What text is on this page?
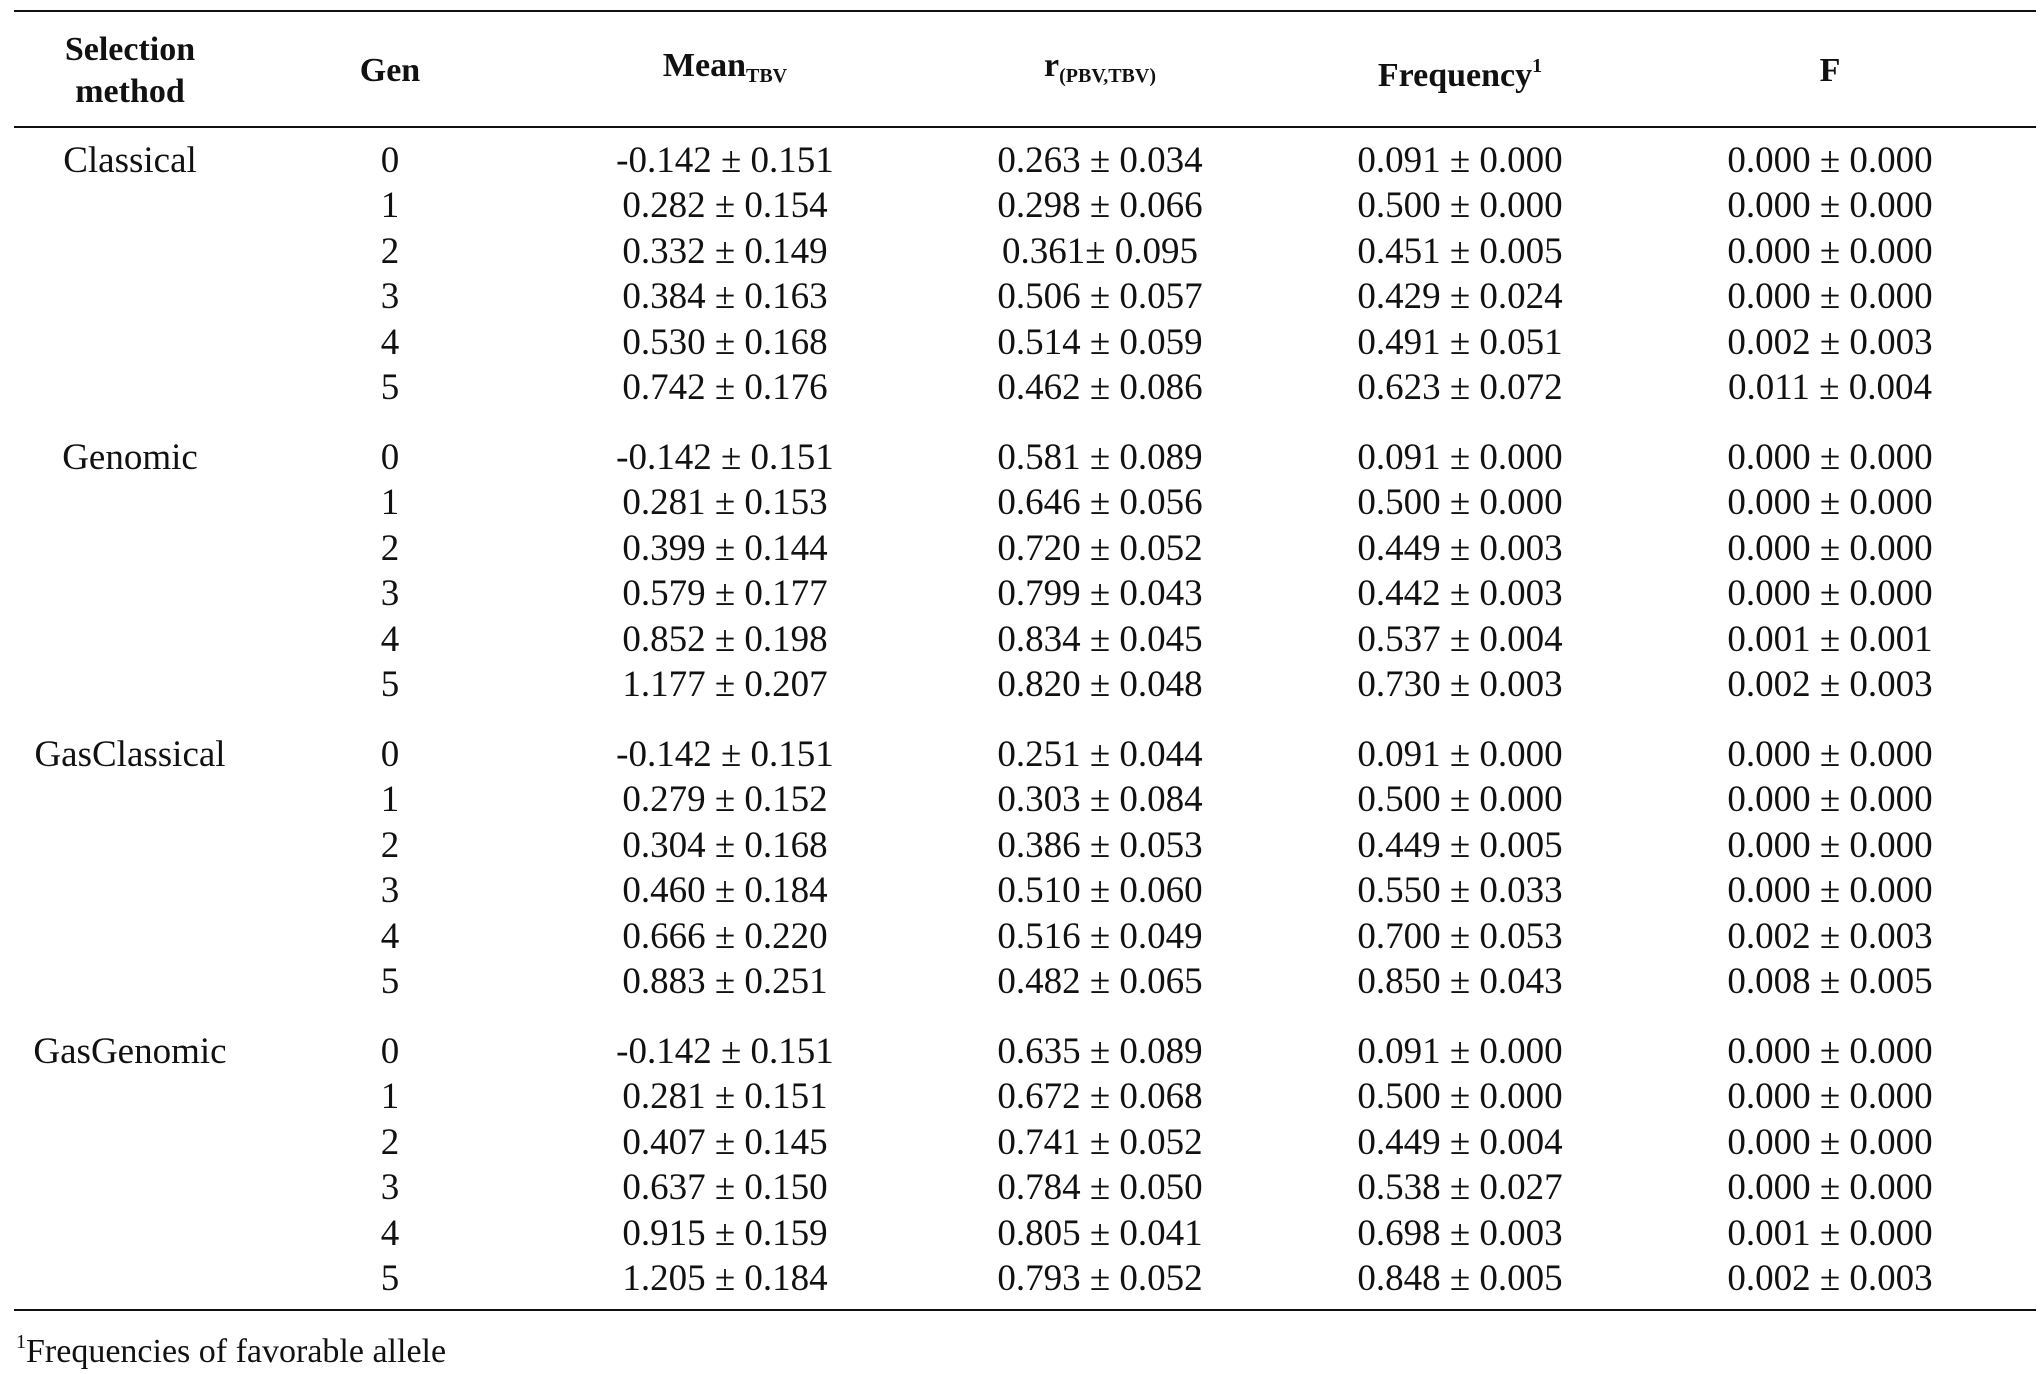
Selection
method
Gen	Mean$_{TBV}$	$r_{(PBV,TBV)}$	Frequency$^1$	F
Classical	0	-0.142 ± 0.151	0.263 ± 0.034	0.091 ± 0.000	0.000 ± 0.000
1	0.282 ± 0.154	0.298 ± 0.066	0.500 ± 0.000	0.000 ± 0.000
2	0.332 ± 0.149	0.361± 0.095	0.451 ± 0.005	0.000 ± 0.000
3	0.384 ± 0.163	0.506 ± 0.057	0.429 ± 0.024	0.000 ± 0.000
4	0.530 ± 0.168	0.514 ± 0.059	0.491 ± 0.051	0.002 ± 0.003
5	0.742 ± 0.176	0.462 ± 0.086	0.623 ± 0.072	0.011 ± 0.004
Genomic	0	-0.142 ± 0.151	0.581 ± 0.089	0.091 ± 0.000	0.000 ± 0.000
1	0.281 ± 0.153	0.646 ± 0.056	0.500 ± 0.000	0.000 ± 0.000
2	0.399 ± 0.144	0.720 ± 0.052	0.449 ± 0.003	0.000 ± 0.000
3	0.579 ± 0.177	0.799 ± 0.043	0.442 ± 0.003	0.000 ± 0.000
4	0.852 ± 0.198	0.834 ± 0.045	0.537 ± 0.004	0.001 ± 0.001
5	1.177 ± 0.207	0.820 ± 0.048	0.730 ± 0.003	0.002 ± 0.003
GasClassical	0	-0.142 ± 0.151	0.251 ± 0.044	0.091 ± 0.000	0.000 ± 0.000
1	0.279 ± 0.152	0.303 ± 0.084	0.500 ± 0.000	0.000 ± 0.000
2	0.304 ± 0.168	0.386 ± 0.053	0.449 ± 0.005	0.000 ± 0.000
3	0.460 ± 0.184	0.510 ± 0.060	0.550 ± 0.033	0.000 ± 0.000
4	0.666 ± 0.220	0.516 ± 0.049	0.700 ± 0.053	0.002 ± 0.003
5	0.883 ± 0.251	0.482 ± 0.065	0.850 ± 0.043	0.008 ± 0.005
GasGenomic	0	-0.142 ± 0.151	0.635 ± 0.089	0.091 ± 0.000	0.000 ± 0.000
1	0.281 ± 0.151	0.672 ± 0.068	0.500 ± 0.000	0.000 ± 0.000
2	0.407 ± 0.145	0.741 ± 0.052	0.449 ± 0.004	0.000 ± 0.000
3	0.637 ± 0.150	0.784 ± 0.050	0.538 ± 0.027	0.000 ± 0.000
4	0.915 ± 0.159	0.805 ± 0.041	0.698 ± 0.003	0.001 ± 0.000
5	1.205 ± 0.184	0.793 ± 0.052	0.848 ± 0.005	0.002 ± 0.003
$^1$Frequencies of favorable allele
